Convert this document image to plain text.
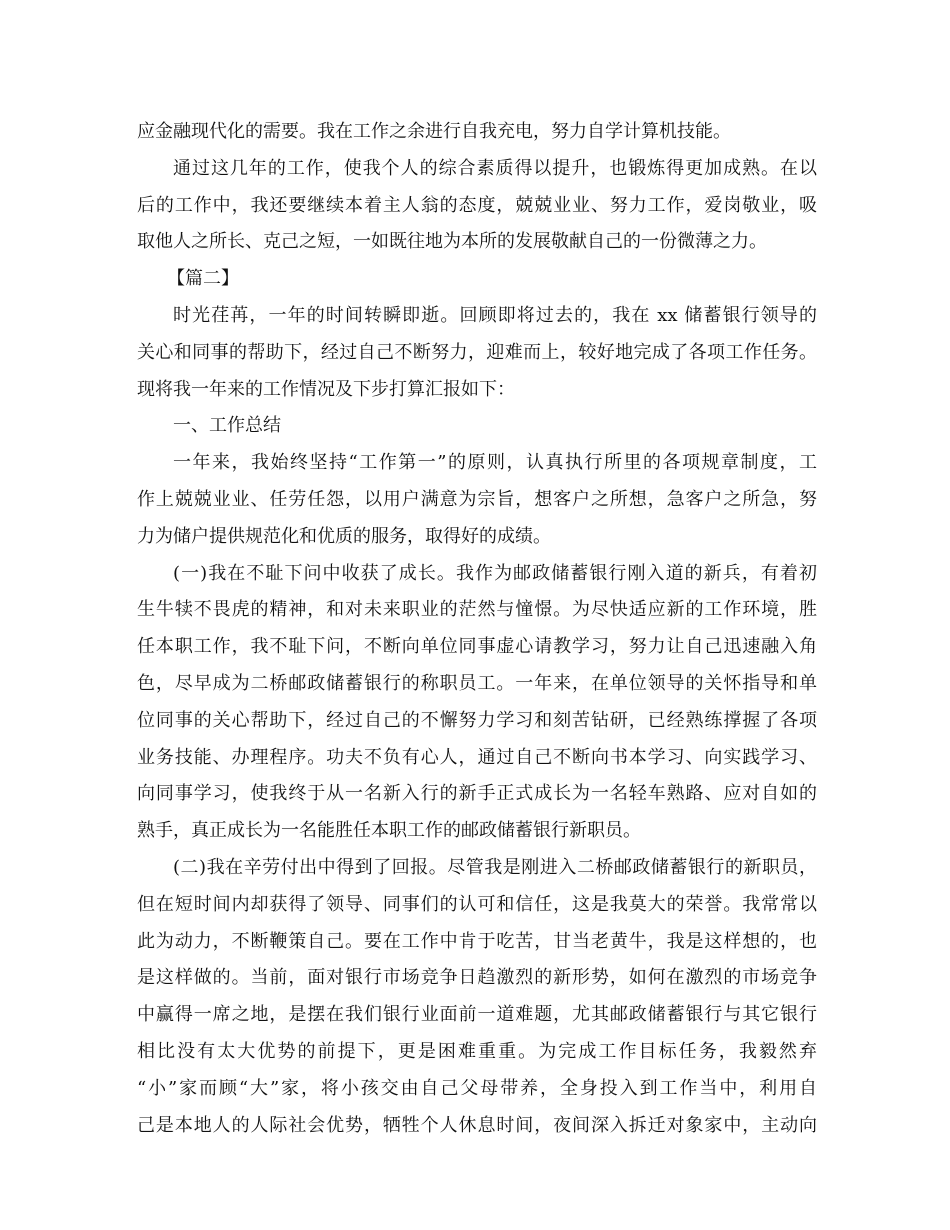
应金融现代化的需要。我在工作之余进行自我充电，努力自学计算机技能。
通过这几年的工作，使我个人的综合素质得以提升，也锻炼得更加成熟。在以
后的工作中，我还要继续本着主人翁的态度，兢兢业业、努力工作，爱岗敬业，吸
取他人之所长、克己之短，一如既往地为本所的发展敬献自己的一份微薄之力。
【篇二】
时光荏苒，一年的时间转瞬即逝。回顾即将过去的，我在 xx 储蓄银行领导的
关心和同事的帮助下，经过自己不断努力，迎难而上，较好地完成了各项工作任务。
现将我一年来的工作情况及下步打算汇报如下：
一、工作总结
一年来，我始终坚持“工作第一”的原则，认真执行所里的各项规章制度，工
作上兢兢业业、任劳任怨，以用户满意为宗旨，想客户之所想，急客户之所急，努
力为储户提供规范化和优质的服务，取得好的成绩。
(一)我在不耻下问中收获了成长。我作为邮政储蓄银行刚入道的新兵，有着初
生牛犊不畏虎的精神，和对未来职业的茫然与憧憬。为尽快适应新的工作环境，胜
任本职工作，我不耻下问，不断向单位同事虚心请教学习，努力让自己迅速融入角
色，尽早成为二桥邮政储蓄银行的称职员工。一年来，在单位领导的关怀指导和单
位同事的关心帮助下，经过自己的不懈努力学习和刻苦钻研，已经熟练撑握了各项
业务技能、办理程序。功夫不负有心人，通过自己不断向书本学习、向实践学习、
向同事学习，使我终于从一名新入行的新手正式成长为一名轻车熟路、应对自如的
熟手，真正成长为一名能胜任本职工作的邮政储蓄银行新职员。
(二)我在辛劳付出中得到了回报。尽管我是刚进入二桥邮政储蓄银行的新职员，
但在短时间内却获得了领导、同事们的认可和信任，这是我莫大的荣誉。我常常以
此为动力，不断鞭策自己。要在工作中肯于吃苦，甘当老黄牛，我是这样想的，也
是这样做的。当前，面对银行市场竞争日趋激烈的新形势，如何在激烈的市场竞争
中赢得一席之地，是摆在我们银行业面前一道难题，尤其邮政储蓄银行与其它银行
相比没有太大优势的前提下，更是困难重重。为完成工作目标任务，我毅然弃
“小”家而顾“大”家，将小孩交由自己父母带养，全身投入到工作当中，利用自
己是本地人的人际社会优势，牺牲个人休息时间，夜间深入拆迁对象家中，主动向
